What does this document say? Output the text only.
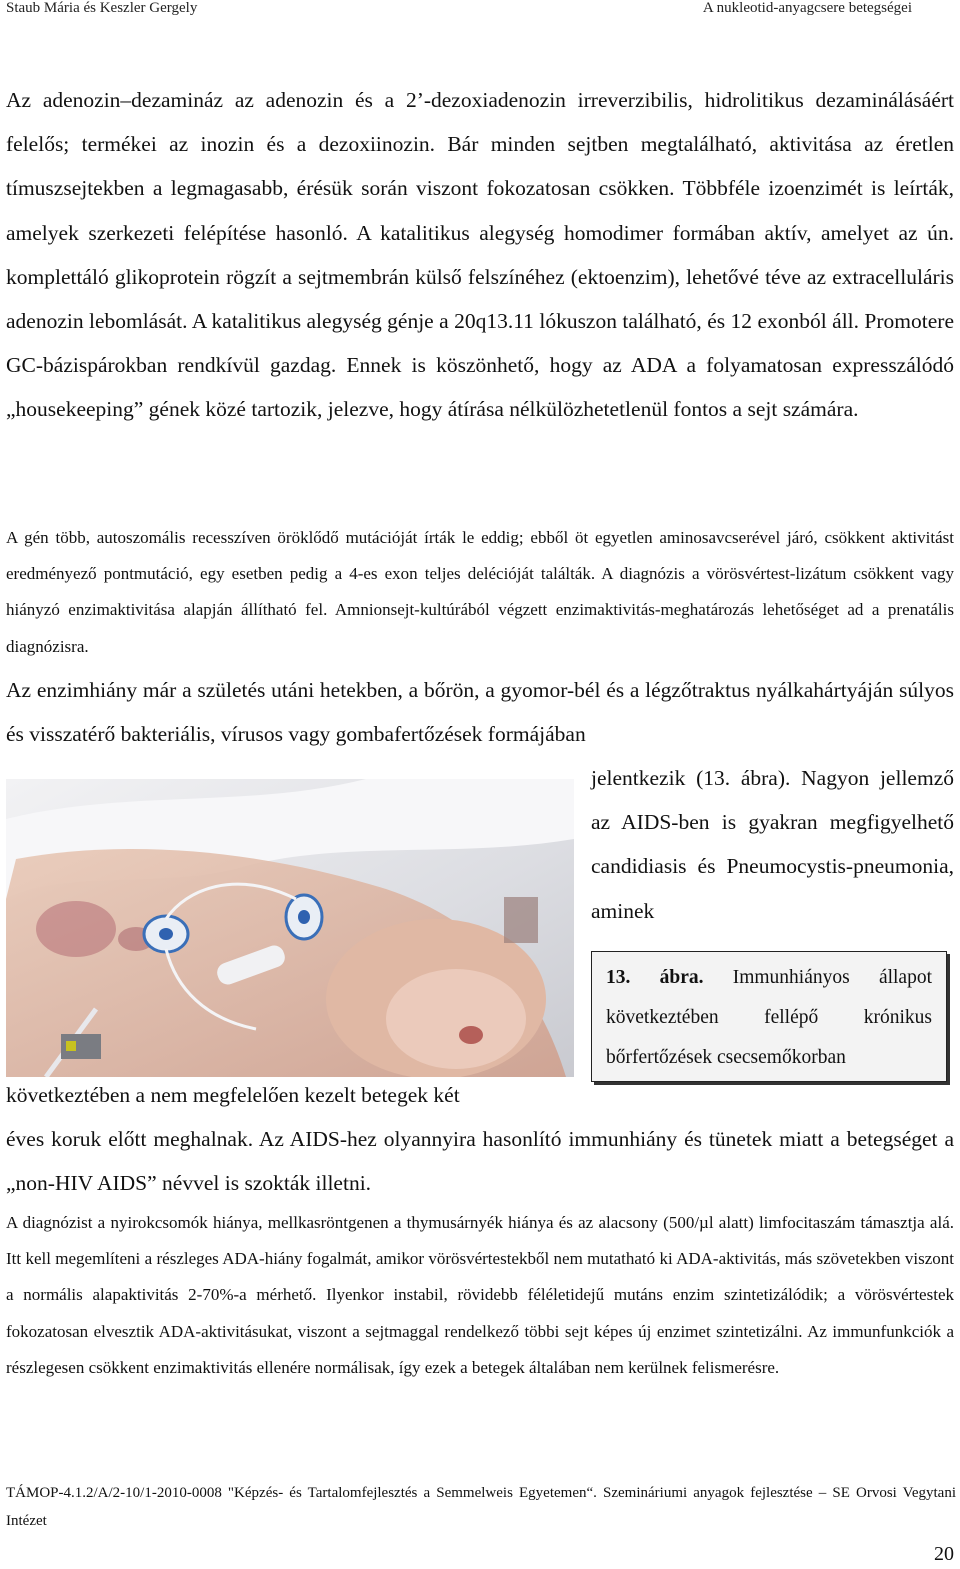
Staub Mária és Keszler Gergely	A nukleotid-anyagcsere betegségei

Az adenozin–dezamináz az adenozin és a 2’-dezoxiadenozin irreverzibilis, hidrolitikus dezaminálásáért felelős; termékei az inozin és a dezoxiinozin. Bár minden sejtben megtalálható, aktivitása az éretlen tímuszsejtekben a legmagasabb, érésük során viszont fokozatosan csökken. Többféle izoenzimét is leírták, amelyek szerkezeti felépítése hasonló. A katalitikus alegység homodimer formában aktív, amelyet az ún. komplettáló glikoprotein rögzít a sejtmembrán külső felszínéhez (ektoenzim), lehetővé téve az extracelluláris adenozin lebomlását. A katalitikus alegység génje a 20q13.11 lókuszon található, és 12 exonból áll. Promotere GC-bázispárokban rendkívül gazdag. Ennek is köszönhető, hogy az ADA a folyamatosan expresszálódó „housekeeping” gének közé tartozik, jelezve, hogy átírása nélkülözhetetlenül fontos a sejt számára.

A gén több, autoszomális recesszíven öröklődő mutációját írták le eddig; ebből öt egyetlen aminosavcserével járó, csökkent aktivitást eredményező pontmutáció, egy esetben pedig a 4-es exon teljes delécióját találták. A diagnózis a vörösvértest-lizátum csökkent vagy hiányzó enzimaktivitása alapján állítható fel. Amnionsejt-kultúrából végzett enzimaktivitás-meghatározás lehetőséget ad a prenatális diagnózisra.

Az enzimhiány már a születés utáni hetekben, a bőrön, a gyomor-bél és a légzőtraktus nyálkahártyáján súlyos és visszatérő bakteriális, vírusos vagy gombafertőzések formájában

jelentkezik (13. ábra). Nagyon jellemző az AIDS-ben is gyakran megfigyelhető candidiasis és Pneumocystis-pneumonia, aminek

13. ábra. Immunhiányos állapot következtében fellépő krónikus bőrfertőzések csecsemőkorban

következtében a nem megfelelően kezelt betegek két

éves koruk előtt meghalnak. Az AIDS-hez olyannyira hasonlító immunhiány és tünetek miatt a betegséget a „non-HIV AIDS” névvel is szokták illetni.

A diagnózist a nyirokcsomók hiánya, mellkasröntgenen a thymusárnyék hiánya és az alacsony (500/µl alatt) limfocitaszám támasztja alá. Itt kell megemlíteni a részleges ADA-hiány fogalmát, amikor vörösvértestekből nem mutatható ki ADA-aktivitás, más szövetekben viszont a normális alapaktivitás 2-70%-a mérhető. Ilyenkor instabil, rövidebb féléletidejű mutáns enzim szintetizálódik; a vörösvértestek fokozatosan elvesztik ADA-aktivitásukat, viszont a sejtmaggal rendelkező többi sejt képes új enzimet szintetizálni. Az immunfunkciók a részlegesen csökkent enzimaktivitás ellenére normálisak, így ezek a betegek általában nem kerülnek felismerésre.

TÁMOP-4.1.2/A/2-10/1-2010-0008 "Képzés- és Tartalomfejlesztés a Semmelweis Egyetemen“. Szemináriumi anyagok fejlesztése – SE Orvosi Vegytani Intézet

20
